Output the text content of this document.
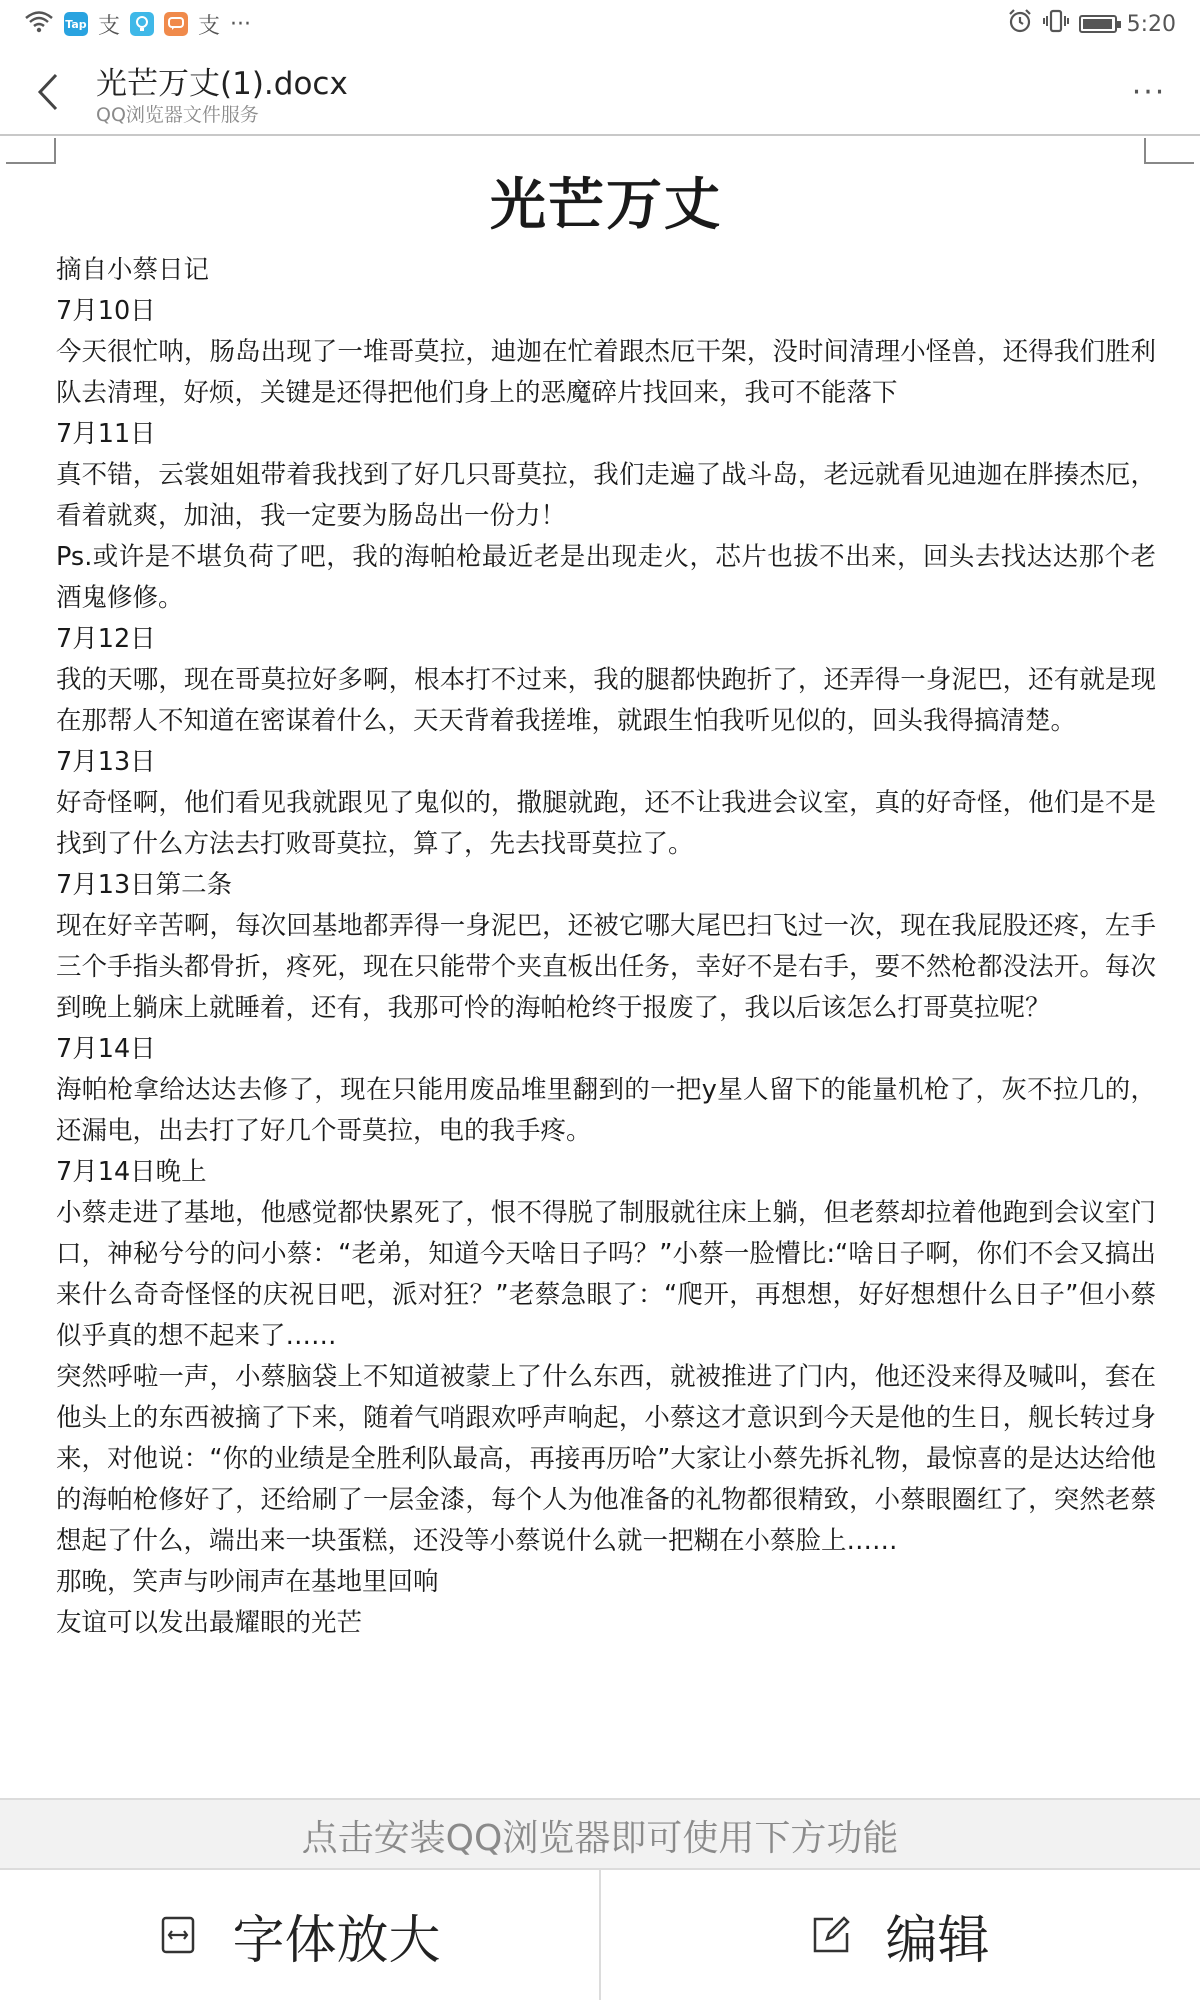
Tap 支	支 ···	5:20
光芒万丈(1).docx
QQ浏览器文件服务
···
光芒万丈

摘自小蔡日记

7月10日

今天很忙呐，肠岛出现了一堆哥莫拉，迪迦在忙着跟杰厄干架，没时间清理小怪兽，还得我们胜利队去清理，好烦，关键是还得把他们身上的恶魔碎片找回来，我可不能落下

7月11日

真不错，云裳姐姐带着我找到了好几只哥莫拉，我们走遍了战斗岛，老远就看见迪迦在胖揍杰厄，看着就爽，加油，我一定要为肠岛出一份力！

Ps.或许是不堪负荷了吧，我的海帕枪最近老是出现走火，芯片也拔不出来，回头去找达达那个老酒鬼修修。

7月12日

我的天哪，现在哥莫拉好多啊，根本打不过来，我的腿都快跑折了，还弄得一身泥巴，还有就是现在那帮人不知道在密谋着什么，天天背着我搓堆，就跟生怕我听见似的，回头我得搞清楚。

7月13日

好奇怪啊，他们看见我就跟见了鬼似的，撒腿就跑，还不让我进会议室，真的好奇怪，他们是不是找到了什么方法去打败哥莫拉，算了，先去找哥莫拉了。

7月13日第二条

现在好辛苦啊，每次回基地都弄得一身泥巴，还被它哪大尾巴扫飞过一次，现在我屁股还疼，左手三个手指头都骨折，疼死，现在只能带个夹直板出任务，幸好不是右手，要不然枪都没法开。每次到晚上躺床上就睡着，还有，我那可怜的海帕枪终于报废了，我以后该怎么打哥莫拉呢？

7月14日

海帕枪拿给达达去修了，现在只能用废品堆里翻到的一把y星人留下的能量机枪了，灰不拉几的，还漏电，出去打了好几个哥莫拉，电的我手疼。

7月14日晚上

小蔡走进了基地，他感觉都快累死了，恨不得脱了制服就往床上躺，但老蔡却拉着他跑到会议室门口，神秘兮兮的问小蔡：“老弟，知道今天啥日子吗？”小蔡一脸懵比:“啥日子啊，你们不会又搞出来什么奇奇怪怪的庆祝日吧，派对狂？”老蔡急眼了：“爬开，再想想，好好想想什么日子”但小蔡似乎真的想不起来了……

突然呼啦一声，小蔡脑袋上不知道被蒙上了什么东西，就被推进了门内，他还没来得及喊叫，套在他头上的东西被摘了下来，随着气哨跟欢呼声响起，小蔡这才意识到今天是他的生日，舰长转过身来，对他说：“你的业绩是全胜利队最高，再接再历哈”大家让小蔡先拆礼物，最惊喜的是达达给他的海帕枪修好了，还给刷了一层金漆，每个人为他准备的礼物都很精致，小蔡眼圈红了，突然老蔡想起了什么，端出来一块蛋糕，还没等小蔡说什么就一把糊在小蔡脸上……

那晚，笑声与吵闹声在基地里回响

友谊可以发出最耀眼的光芒

点击安装QQ浏览器即可使用下方功能
字体放大	编辑
